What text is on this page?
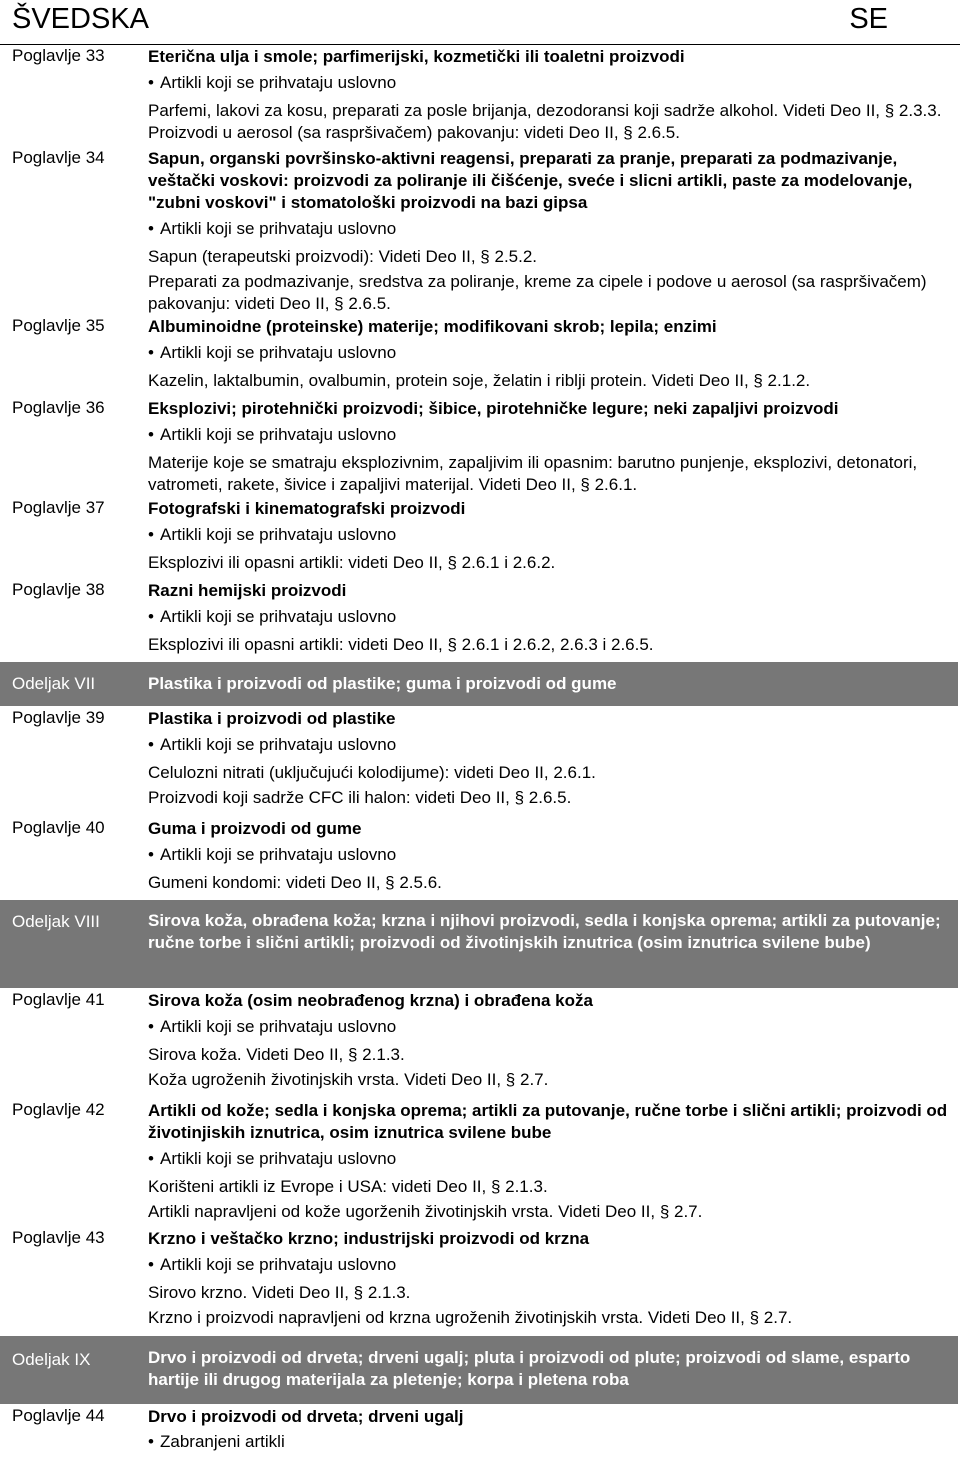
ŠVEDSKA	SE
Poglavlje 33	Eterična ulja i smole; parfimerijski, kozmetički ili toaletni proizvodi
• Artikli koji se prihvataju uslovno
Parfemi, lakovi za kosu, preparati za posle brijanja, dezodoransi koji sadrže alkohol. Videti Deo II, § 2.3.3. Proizvodi u aerosol (sa raspršivačem) pakovanju: videti Deo II, § 2.6.5.
Poglavlje 34	Sapun, organski površinsko-aktivni reagensi, preparati za pranje, preparati za podmazivanje, veštački voskovi: proizvodi za poliranje ili čišćenje, sveće i slicni artikli, paste za modelovanje, "zubni voskovi" i stomatološki proizvodi na bazi gipsa
• Artikli koji se prihvataju uslovno
Sapun (terapeutski proizvodi): Videti Deo II, § 2.5.2.
Preparati za podmazivanje, sredstva za poliranje, kreme za cipele i podove u aerosol (sa raspršivačem) pakovanju: videti Deo II, § 2.6.5.
Poglavlje 35	Albuminoidne (proteinske) materije; modifikovani skrob; lepila; enzimi
• Artikli koji se prihvataju uslovno
Kazelin, laktalbumin, ovalbumin, protein soje, želatin i riblji protein. Videti Deo II, § 2.1.2.
Poglavlje 36	Eksplozivi; pirotehnički proizvodi; šibice, pirotehničke legure; neki zapaljivi proizvodi
• Artikli koji se prihvataju uslovno
Materije koje se smatraju eksplozivnim, zapaljivim ili opasnim: barutno punjenje, eksplozivi, detonatori, vatrometi, rakete, šivice i zapaljivi materijal. Videti Deo II, § 2.6.1.
Poglavlje 37	Fotografski i kinematografski proizvodi
• Artikli koji se prihvataju uslovno
Eksplozivi ili opasni artikli: videti Deo II, § 2.6.1 i 2.6.2.
Poglavlje 38	Razni hemijski proizvodi
• Artikli koji se prihvataju uslovno
Eksplozivi ili opasni artikli: videti Deo II, § 2.6.1 i 2.6.2, 2.6.3 i 2.6.5.
Odeljak VII	Plastika i proizvodi od plastike; guma i proizvodi od gume
Poglavlje 39	Plastika i proizvodi od plastike
• Artikli koji se prihvataju uslovno
Celulozni nitrati (uključujući kolodijume): videti Deo II, 2.6.1.
Proizvodi koji sadrže CFC ili halon: videti Deo II, § 2.6.5.
Poglavlje 40	Guma i proizvodi od gume
• Artikli koji se prihvataju uslovno
Gumeni kondomi: videti Deo II, § 2.5.6.
Odeljak VIII	Sirova koža, obrađena koža; krzna i njihovi proizvodi, sedla i konjska oprema; artikli za putovanje; ručne torbe i slični artikli; proizvodi od životinjskih iznutrica (osim iznutrica svilene bube)
Poglavlje 41	Sirova koža (osim neobrađenog krzna) i obrađena koža
• Artikli koji se prihvataju uslovno
Sirova koža. Videti Deo II, § 2.1.3.
Koža ugroženih životinjskih vrsta. Videti Deo II, § 2.7.
Poglavlje 42	Artikli od kože; sedla i konjska oprema; artikli za putovanje, ručne torbe i slični artikli; proizvodi od životinjiskih iznutrica, osim iznutrica svilene bube
• Artikli koji se prihvataju uslovno
Korišteni artikli iz Evrope i USA: videti Deo II, § 2.1.3.
Artikli napravljeni od kože ugorženih životinjskih vrsta. Videti Deo II, § 2.7.
Poglavlje 43	Krzno i veštačko krzno; industrijski proizvodi od krzna
• Artikli koji se prihvataju uslovno
Sirovo krzno. Videti Deo II, § 2.1.3.
Krzno i proizvodi napravljeni od krzna ugroženih životinjskih vrsta. Videti Deo II, § 2.7.
Odeljak IX	Drvo i proizvodi od drveta; drveni ugalj; pluta i proizvodi od plute; proizvodi od slame, esparto hartije ili drugog materijala za pletenje; korpa i pletena roba
Poglavlje 44	Drvo i proizvodi od drveta; drveni ugalj
• Zabranjeni artikli
